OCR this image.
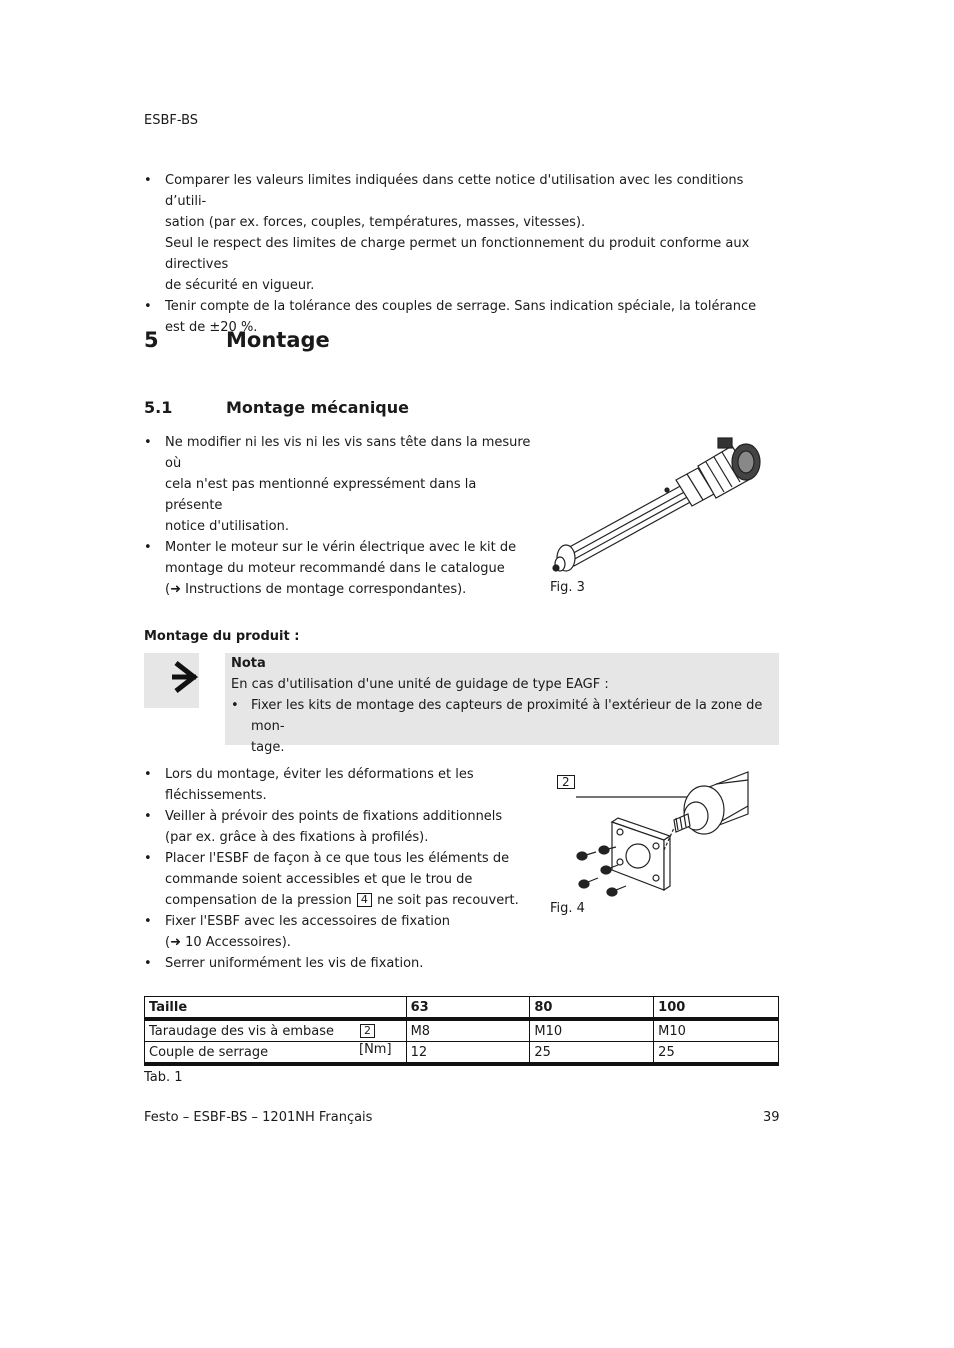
ESBF-BS
• Comparer les valeurs limites indiquées dans cette notice d'utilisation avec les conditions d’utili-
sation (par ex. forces, couples, températures, masses, vitesses).
Seul le respect des limites de charge permet un fonctionnement du produit conforme aux directives
de sécurité en vigueur.
• Tenir compte de la tolérance des couples de serrage. Sans indication spéciale, la tolérance
est de ±20 %.
5	Montage
5.1	Montage mécanique
• Ne modifier ni les vis ni les vis sans tête dans la mesure où
cela n'est pas mentionné expressément dans la présente
notice d'utilisation.
• Monter le moteur sur le vérin électrique avec le kit de
montage du moteur recommandé dans le catalogue
(➜ Instructions de montage correspondantes).	Fig. 3
Montage du produit :
Nota
En cas d'utilisation d'une unité de guidage de type EAGF :
• Fixer les kits de montage des capteurs de proximité à l'extérieur de la zone de mon-
tage.
• Lors du montage, éviter les déformations et les
fléchissements.
• Veiller à prévoir des points de fixations additionnels
(par ex. grâce à des fixations à profilés).
• Placer l'ESBF de façon à ce que tous les éléments de
commande soient accessibles et que le trou de
compensation de la pression 4 ne soit pas recouvert.
• Fixer l'ESBF avec les accessoires de fixation
(➜ 10 Accessoires).
• Serrer uniformément les vis de fixation.
2
Fig. 4
Taille	63	80	100
Taraudage des vis à embase 2	M8	M10	M10
Couple de serrage [Nm]	12	25	25
Tab. 1
Festo – ESBF-BS – 1201NH Français	39
